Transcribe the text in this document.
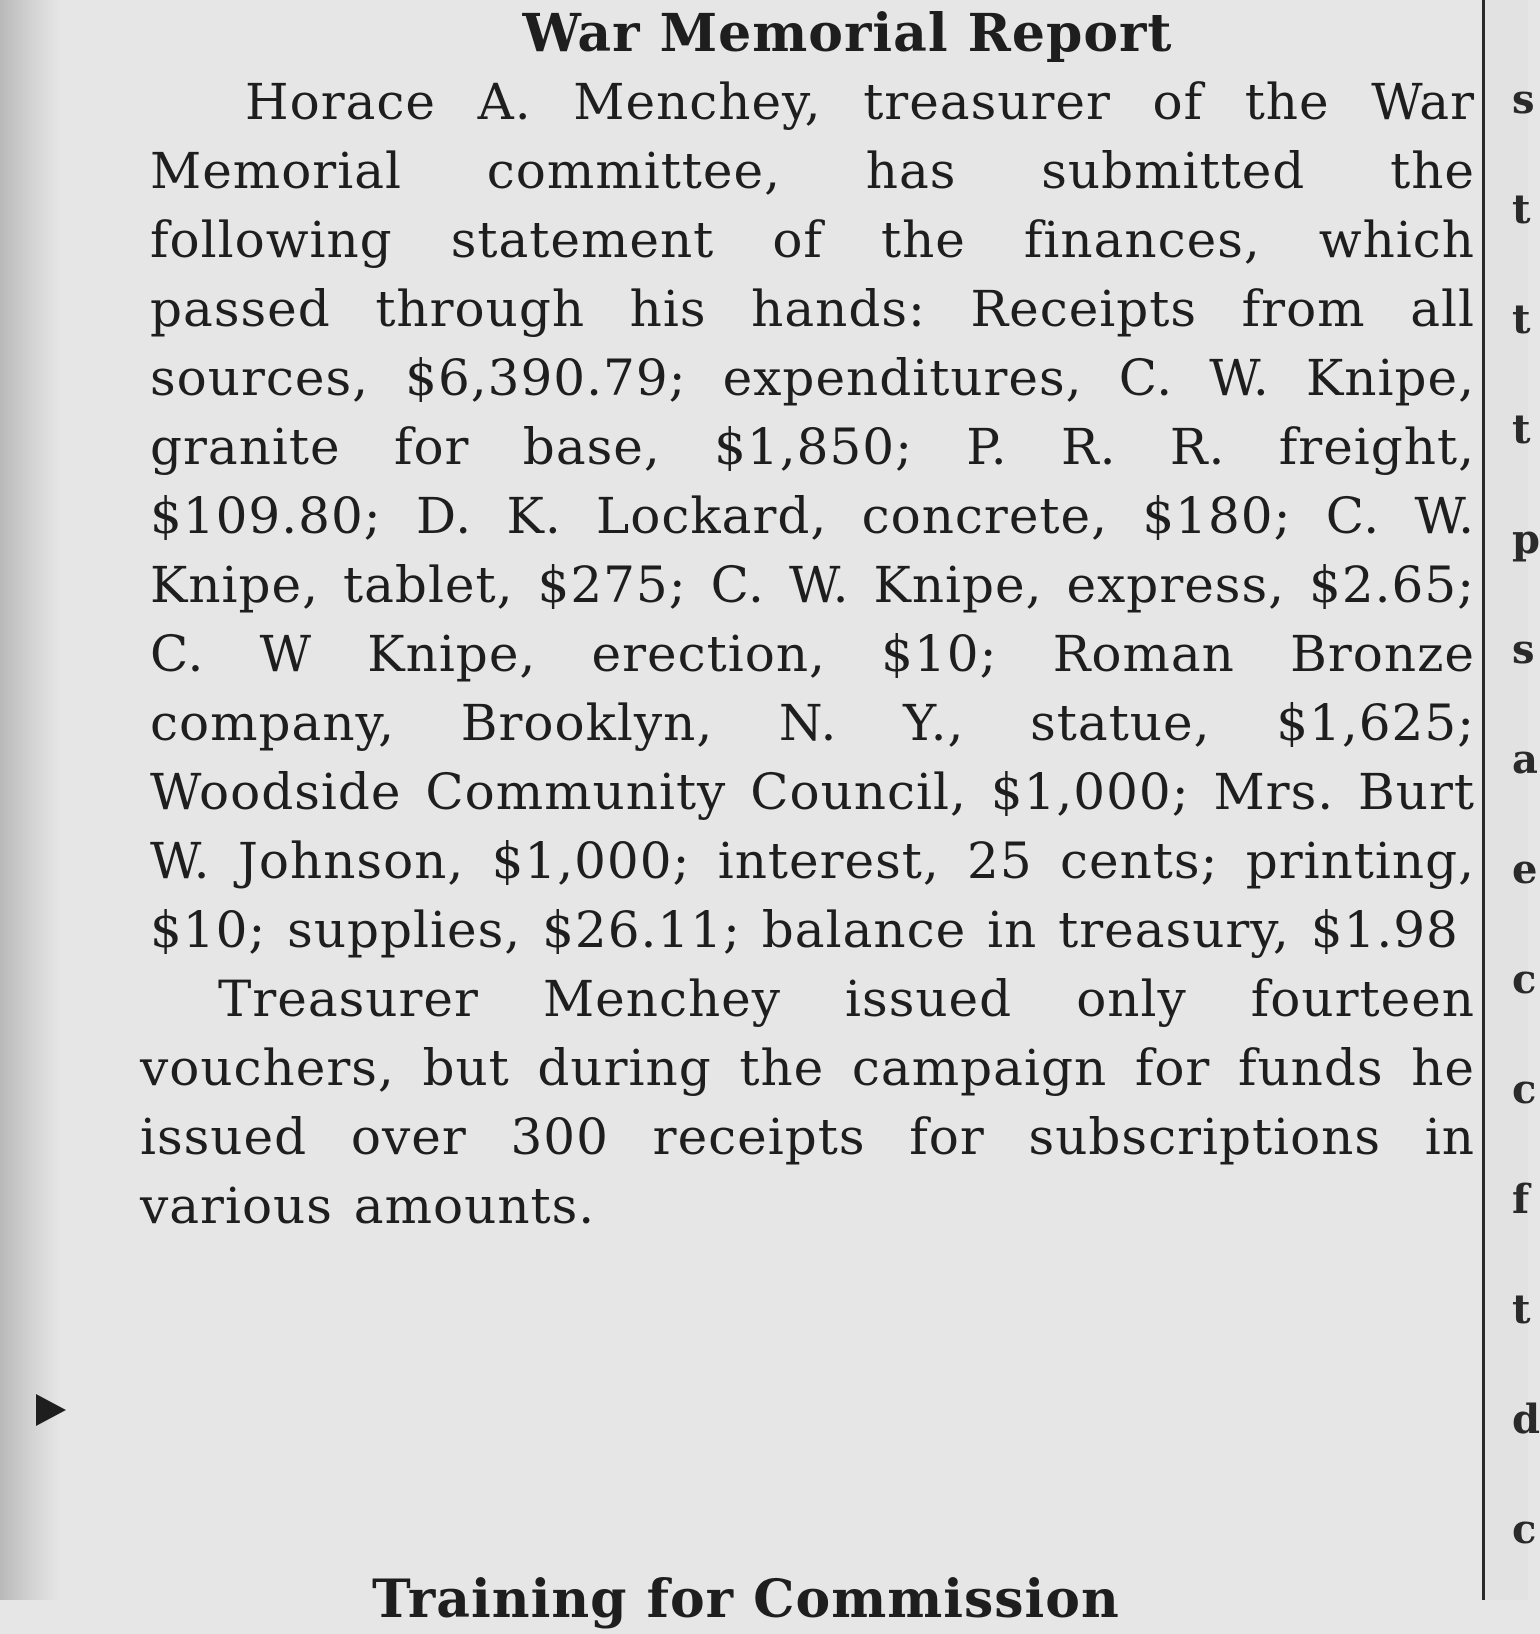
War Memorial Report

Horace A. Menchey, treasurer of the War Memorial committee, has submitted the following statement of the finances, which passed through his hands: Receipts from all sources, $6,390.79; expenditures, C. W. Knipe, granite for base, $1,850; P. R. R. freight, $109.80; D. K. Lockard, concrete, $180; C. W. Knipe, tablet, $275; C. W. Knipe, express, $2.65; C. W Knipe, erection, $10; Roman Bronze company, Brooklyn, N. Y., statue, $1,625; Woodside Community Council, $1,000; Mrs. Burt W. Johnson, $1,000; interest, 25 cents; printing, $10; supplies, $26.11; balance in treasury, $1.98

Treasurer Menchey issued only fourteen vouchers, but during the campaign for funds he issued over 300 receipts for subscriptions in various amounts.

Training for Commission
s
t
t
t
p
s
a
e
c
c
f
t
d
c
